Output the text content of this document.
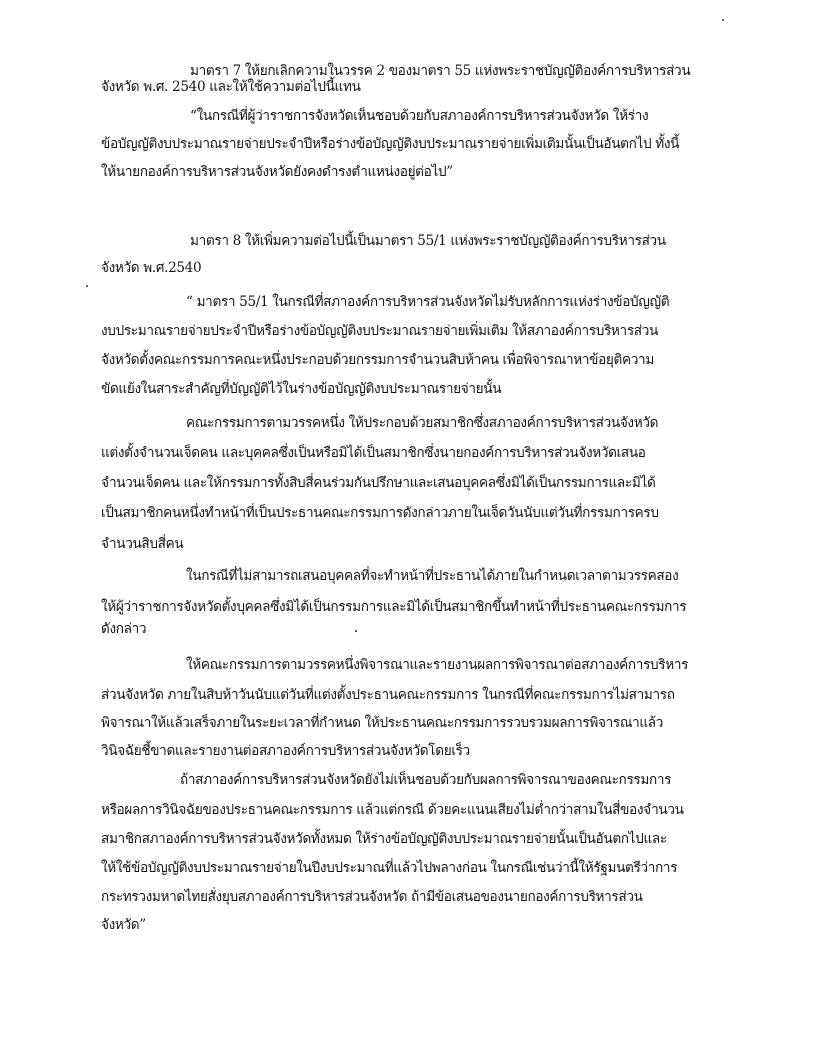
มาตรา 7 ให้ยกเลิกความในวรรค 2 ของมาตรา 55 แห่งพระราชบัญญัติองค์การบริหารส่วน
จังหวัด พ.ศ. 2540 และให้ใช้ความต่อไปนี้แทน
“ในกรณีที่ผู้ว่าราชการจังหวัดเห็นชอบด้วยกับสภาองค์การบริหารส่วนจังหวัด ให้ร่าง
ข้อบัญญัติงบประมาณรายจ่ายประจำปีหรือร่างข้อบัญญัติงบประมาณรายจ่ายเพิ่มเติมนั้นเป็นอันตกไป ทั้งนี้
ให้นายกองค์การบริหารส่วนจังหวัดยังคงดำรงตำแหน่งอยู่ต่อไป”
มาตรา 8 ให้เพิ่มความต่อไปนี้เป็นมาตรา 55/1 แห่งพระราชบัญญัติองค์การบริหารส่วน
จังหวัด พ.ศ.2540
“ มาตรา 55/1 ในกรณีที่สภาองค์การบริหารส่วนจังหวัดไม่รับหลักการแห่งร่างข้อบัญญัติ
งบประมาณรายจ่ายประจำปีหรือร่างข้อบัญญัติงบประมาณรายจ่ายเพิ่มเติม ให้สภาองค์การบริหารส่วน
จังหวัดตั้งคณะกรรมการคณะหนึ่งประกอบด้วยกรรมการจำนวนสิบห้าคน เพื่อพิจารณาหาข้อยุติความ
ขัดแย้งในสาระสำคัญที่บัญญัติไว้ในร่างข้อบัญญัติงบประมาณรายจ่ายนั้น
คณะกรรมการตามวรรคหนึ่ง ให้ประกอบด้วยสมาชิกซึ่งสภาองค์การบริหารส่วนจังหวัด
แต่งตั้งจำนวนเจ็ดคน และบุคคลซึ่งเป็นหรือมิได้เป็นสมาชิกซึ่งนายกองค์การบริหารส่วนจังหวัดเสนอ
จำนวนเจ็ดคน และให้กรรมการทั้งสิบสี่คนร่วมกันปรึกษาและเสนอบุคคลซึ่งมิได้เป็นกรรมการและมิได้
เป็นสมาชิกคนหนึ่งทำหน้าที่เป็นประธานคณะกรรมการดังกล่าวภายในเจ็ดวันนับแต่วันที่กรรมการครบ
จำนวนสิบสี่คน
ในกรณีที่ไม่สามารถเสนอบุคคลที่จะทำหน้าที่ประธานได้ภายในกำหนดเวลาตามวรรคสอง
ให้ผู้ว่าราชการจังหวัดตั้งบุคคลซึ่งมิได้เป็นกรรมการและมิได้เป็นสมาชิกขึ้นทำหน้าที่ประธานคณะกรรมการ
ดังกล่าว
ให้คณะกรรมการตามวรรคหนึ่งพิจารณาและรายงานผลการพิจารณาต่อสภาองค์การบริหาร
ส่วนจังหวัด ภายในสิบห้าวันนับแต่วันที่แต่งตั้งประธานคณะกรรมการ ในกรณีที่คณะกรรมการไม่สามารถ
พิจารณาให้แล้วเสร็จภายในระยะเวลาที่กำหนด ให้ประธานคณะกรรมการรวบรวมผลการพิจารณาแล้ว
วินิจฉัยชี้ขาดและรายงานต่อสภาองค์การบริหารส่วนจังหวัดโดยเร็ว
ถ้าสภาองค์การบริหารส่วนจังหวัดยังไม่เห็นชอบด้วยกับผลการพิจารณาของคณะกรรมการ
หรือผลการวินิจฉัยของประธานคณะกรรมการ แล้วแต่กรณี ด้วยคะแนนเสียงไม่ต่ำกว่าสามในสี่ของจำนวน
สมาชิกสภาองค์การบริหารส่วนจังหวัดทั้งหมด ให้ร่างข้อบัญญัติงบประมาณรายจ่ายนั้นเป็นอันตกไปและ
ให้ใช้ข้อบัญญัติงบประมาณรายจ่ายในปีงบประมาณที่แล้วไปพลางก่อน ในกรณีเช่นว่านี้ให้รัฐมนตรีว่าการ
กระทรวงมหาดไทยสั่งยุบสภาองค์การบริหารส่วนจังหวัด ถ้ามีข้อเสนอของนายกองค์การบริหารส่วน
จังหวัด”
